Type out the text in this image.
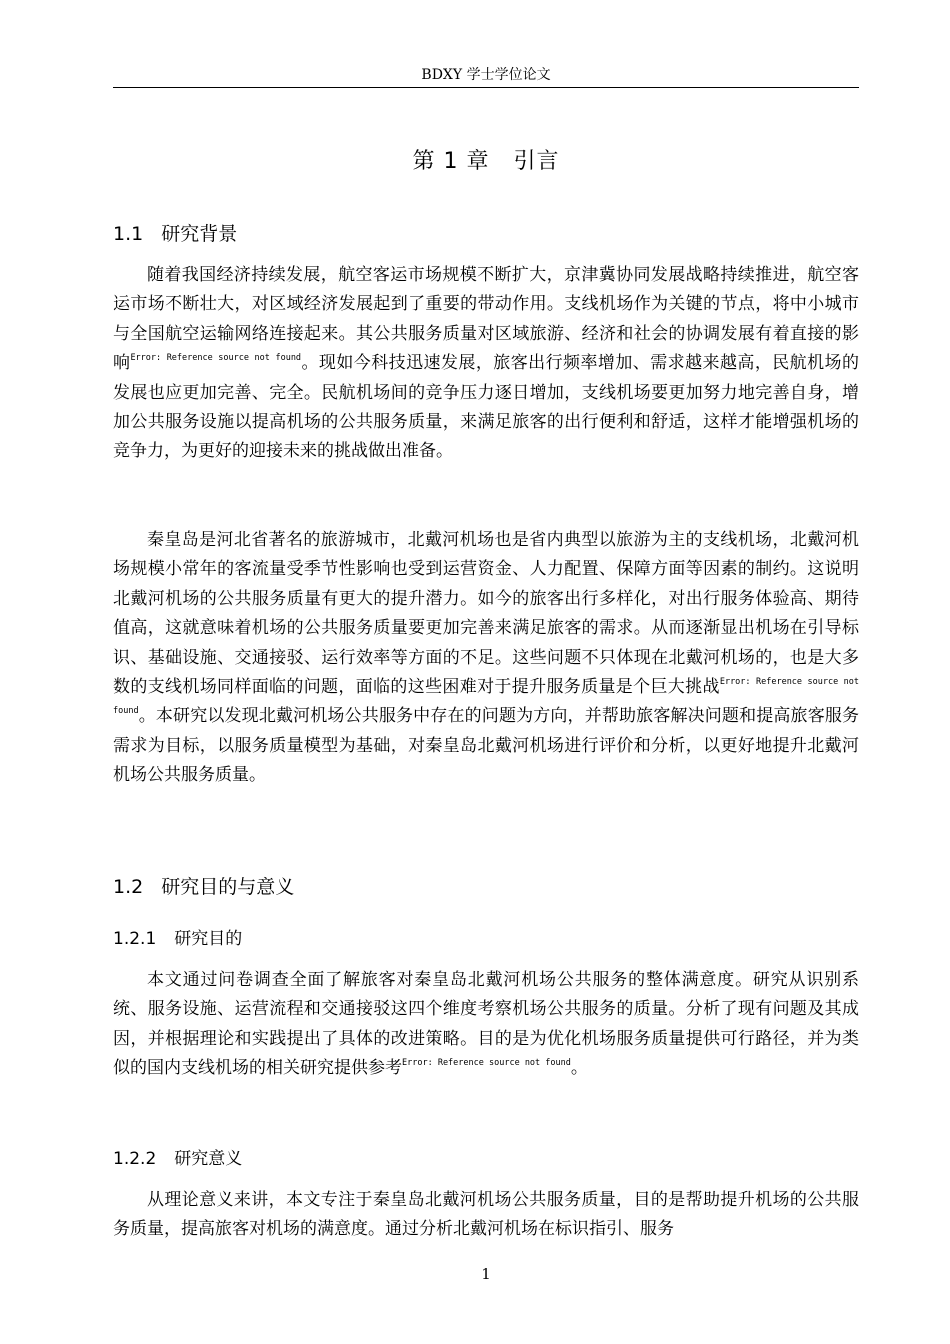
BDXY 学士学位论文
第 1 章 引言
1.1 研究背景

随着我国经济持续发展，航空客运市场规模不断扩大，京津冀协同发展战略持续推进，航空客运市场不断壮大，对区域经济发展起到了重要的带动作用。支线机场作为关键的节点，将中小城市与全国航空运输网络连接起来。其公共服务质量对区域旅游、经济和社会的协调发展有着直接的影响$^{Error: Reference source not found}$。现如今科技迅速发展，旅客出行频率增加、需求越来越高，民航机场的发展也应更加完善、完全。民航机场间的竞争压力逐日增加，支线机场要更加努力地完善自身，增加公共服务设施以提高机场的公共服务质量，来满足旅客的出行便利和舒适，这样才能增强机场的竞争力，为更好的迎接未来的挑战做出准备。

秦皇岛是河北省著名的旅游城市，北戴河机场也是省内典型以旅游为主的支线机场，北戴河机场规模小常年的客流量受季节性影响也受到运营资金、人力配置、保障方面等因素的制约。这说明北戴河机场的公共服务质量有更大的提升潜力。如今的旅客出行多样化，对出行服务体验高、期待值高，这就意味着机场的公共服务质量要更加完善来满足旅客的需求。从而逐渐显出机场在引导标识、基础设施、交通接驳、运行效率等方面的不足。这些问题不只体现在北戴河机场的，也是大多数的支线机场同样面临的问题，面临的这些困难对于提升服务质量是个巨大挑战$^{Error: Reference source not found}$。本研究以发现北戴河机场公共服务中存在的问题为方向，并帮助旅客解决问题和提高旅客服务需求为目标，以服务质量模型为基础，对秦皇岛北戴河机场进行评价和分析，以更好地提升北戴河机场公共服务质量。

1.2 研究目的与意义
1.2.1 研究目的

本文通过问卷调查全面了解旅客对秦皇岛北戴河机场公共服务的整体满意度。研究从识别系统、服务设施、运营流程和交通接驳这四个维度考察机场公共服务的质量。分析了现有问题及其成因，并根据理论和实践提出了具体的改进策略。目的是为优化机场服务质量提供可行路径，并为类似的国内支线机场的相关研究提供参考$^{Error: Reference source not found}$。

1.2.2 研究意义

从理论意义来讲，本文专注于秦皇岛北戴河机场公共服务质量，目的是帮助提升机场的公共服务质量，提高旅客对机场的满意度。通过分析北戴河机场在标识指引、服务

1
